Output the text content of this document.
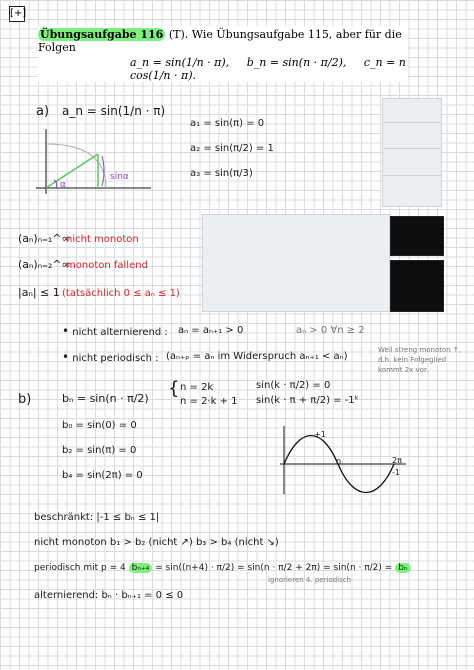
[+]
Übungsaufgabe 116 (T). Wie Übungsaufgabe 115, aber für die Folgen
a_n = sin(1/n · π), b_n = sin(n · π/2), c_n = n cos(1/n · π).
a) a_n = sin(1/n · π)
α
sinα
a₁ = sin(π) = 0
a₂ = sin(π/2) = 1
a₃ = sin(π/3)
(aₙ)ₙ₌₁^∞
nicht monoton
(aₙ)ₙ₌₂^∞
monoton fallend
|aₙ| ≤ 1 (tatsächlich 0 ≤ aₙ ≤ 1)
• nicht alternierend : aₙ = aₙ₊₁ > 0	aₙ > 0 ∀n ≥ 2
• nicht periodisch : (aₙ₊ₚ = aₙ im Widerspruch aₙ₊₁ < aₙ)
Weil streng monoton ↑, d.h. kein Folgeglied kommt 2x vor.
b)	bₙ = sin(n · π/2) { n = 2k
n = 2·k + 1
sin(k · π/2) = 0
sin(k · π + π/2) = -1ᵏ
b₀ = sin(0) = 0
b₂ = sin(π) = 0
b₄ = sin(2π) = 0
+1
0	2π
-1
beschränkt: |-1 ≤ bₙ ≤ 1|
nicht monoton b₁ > b₂ (nicht ↗) b₃ > b₄ (nicht ↘)
periodisch mit p = 4 bₙ₊₄ = sin((n+4) · π/2) = sin(n · π/2 + 2π) = sin(n · π/2) = bₙ
ignorieren 4. periodisch
alternierend: bₙ · bₙ₊₁ = 0 ≤ 0
